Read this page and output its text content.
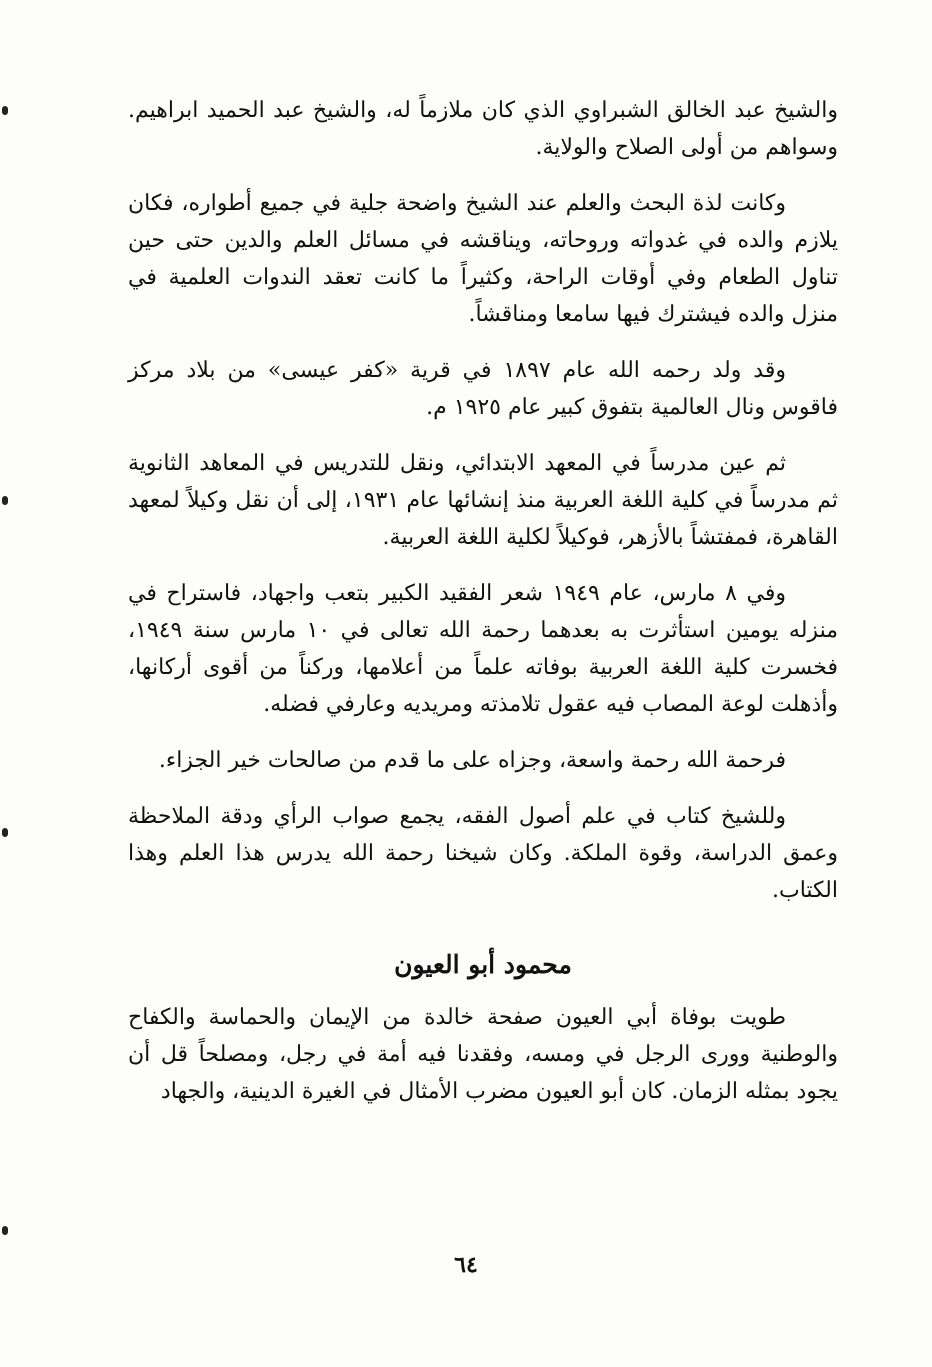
والشيخ عبد الخالق الشبراوي الذي كان ملازماً له، والشيخ عبد الحميد ابراهيم. وسواهم من أولى الصلاح والولاية.

وكانت لذة البحث والعلم عند الشيخ واضحة جلية في جميع أطواره، فكان يلازم والده في غدواته وروحاته، ويناقشه في مسائل العلم والدين حتى حين تناول الطعام وفي أوقات الراحة، وكثيراً ما كانت تعقد الندوات العلمية في منزل والده فيشترك فيها سامعا ومناقشاً.

وقد ولد رحمه الله عام ١٨٩٧ في قرية «كفر عيسى» من بلاد مركز فاقوس ونال العالمية بتفوق كبير عام ١٩٢٥ م.

ثم عين مدرساً في المعهد الابتدائي، ونقل للتدريس في المعاهد الثانوية ثم مدرساً في كلية اللغة العربية منذ إنشائها عام ١٩٣١، إلى أن نقل وكيلاً لمعهد القاهرة، فمفتشاً بالأزهر، فوكيلاً لكلية اللغة العربية.

وفي ٨ مارس، عام ١٩٤٩ شعر الفقيد الكبير بتعب واجهاد، فاستراح في منزله يومين استأثرت به بعدهما رحمة الله تعالى في ١٠ مارس سنة ١٩٤٩، فخسرت كلية اللغة العربية بوفاته علماً من أعلامها، وركناً من أقوى أركانها، وأذهلت لوعة المصاب فيه عقول تلامذته ومريديه وعارفي فضله.

فرحمة الله رحمة واسعة، وجزاه على ما قدم من صالحات خير الجزاء.

وللشيخ كتاب في علم أصول الفقه، يجمع صواب الرأي ودقة الملاحظة وعمق الدراسة، وقوة الملكة. وكان شيخنا رحمة الله يدرس هذا العلم وهذا الكتاب.

محمود أبو العيون

طويت بوفاة أبي العيون صفحة خالدة من الإيمان والحماسة والكفاح والوطنية وورى الرجل في ومسه، وفقدنا فيه أمة في رجل، ومصلحاً قل أن يجود بمثله الزمان. كان أبو العيون مضرب الأمثال في الغيرة الدينية، والجهاد

٦٤
